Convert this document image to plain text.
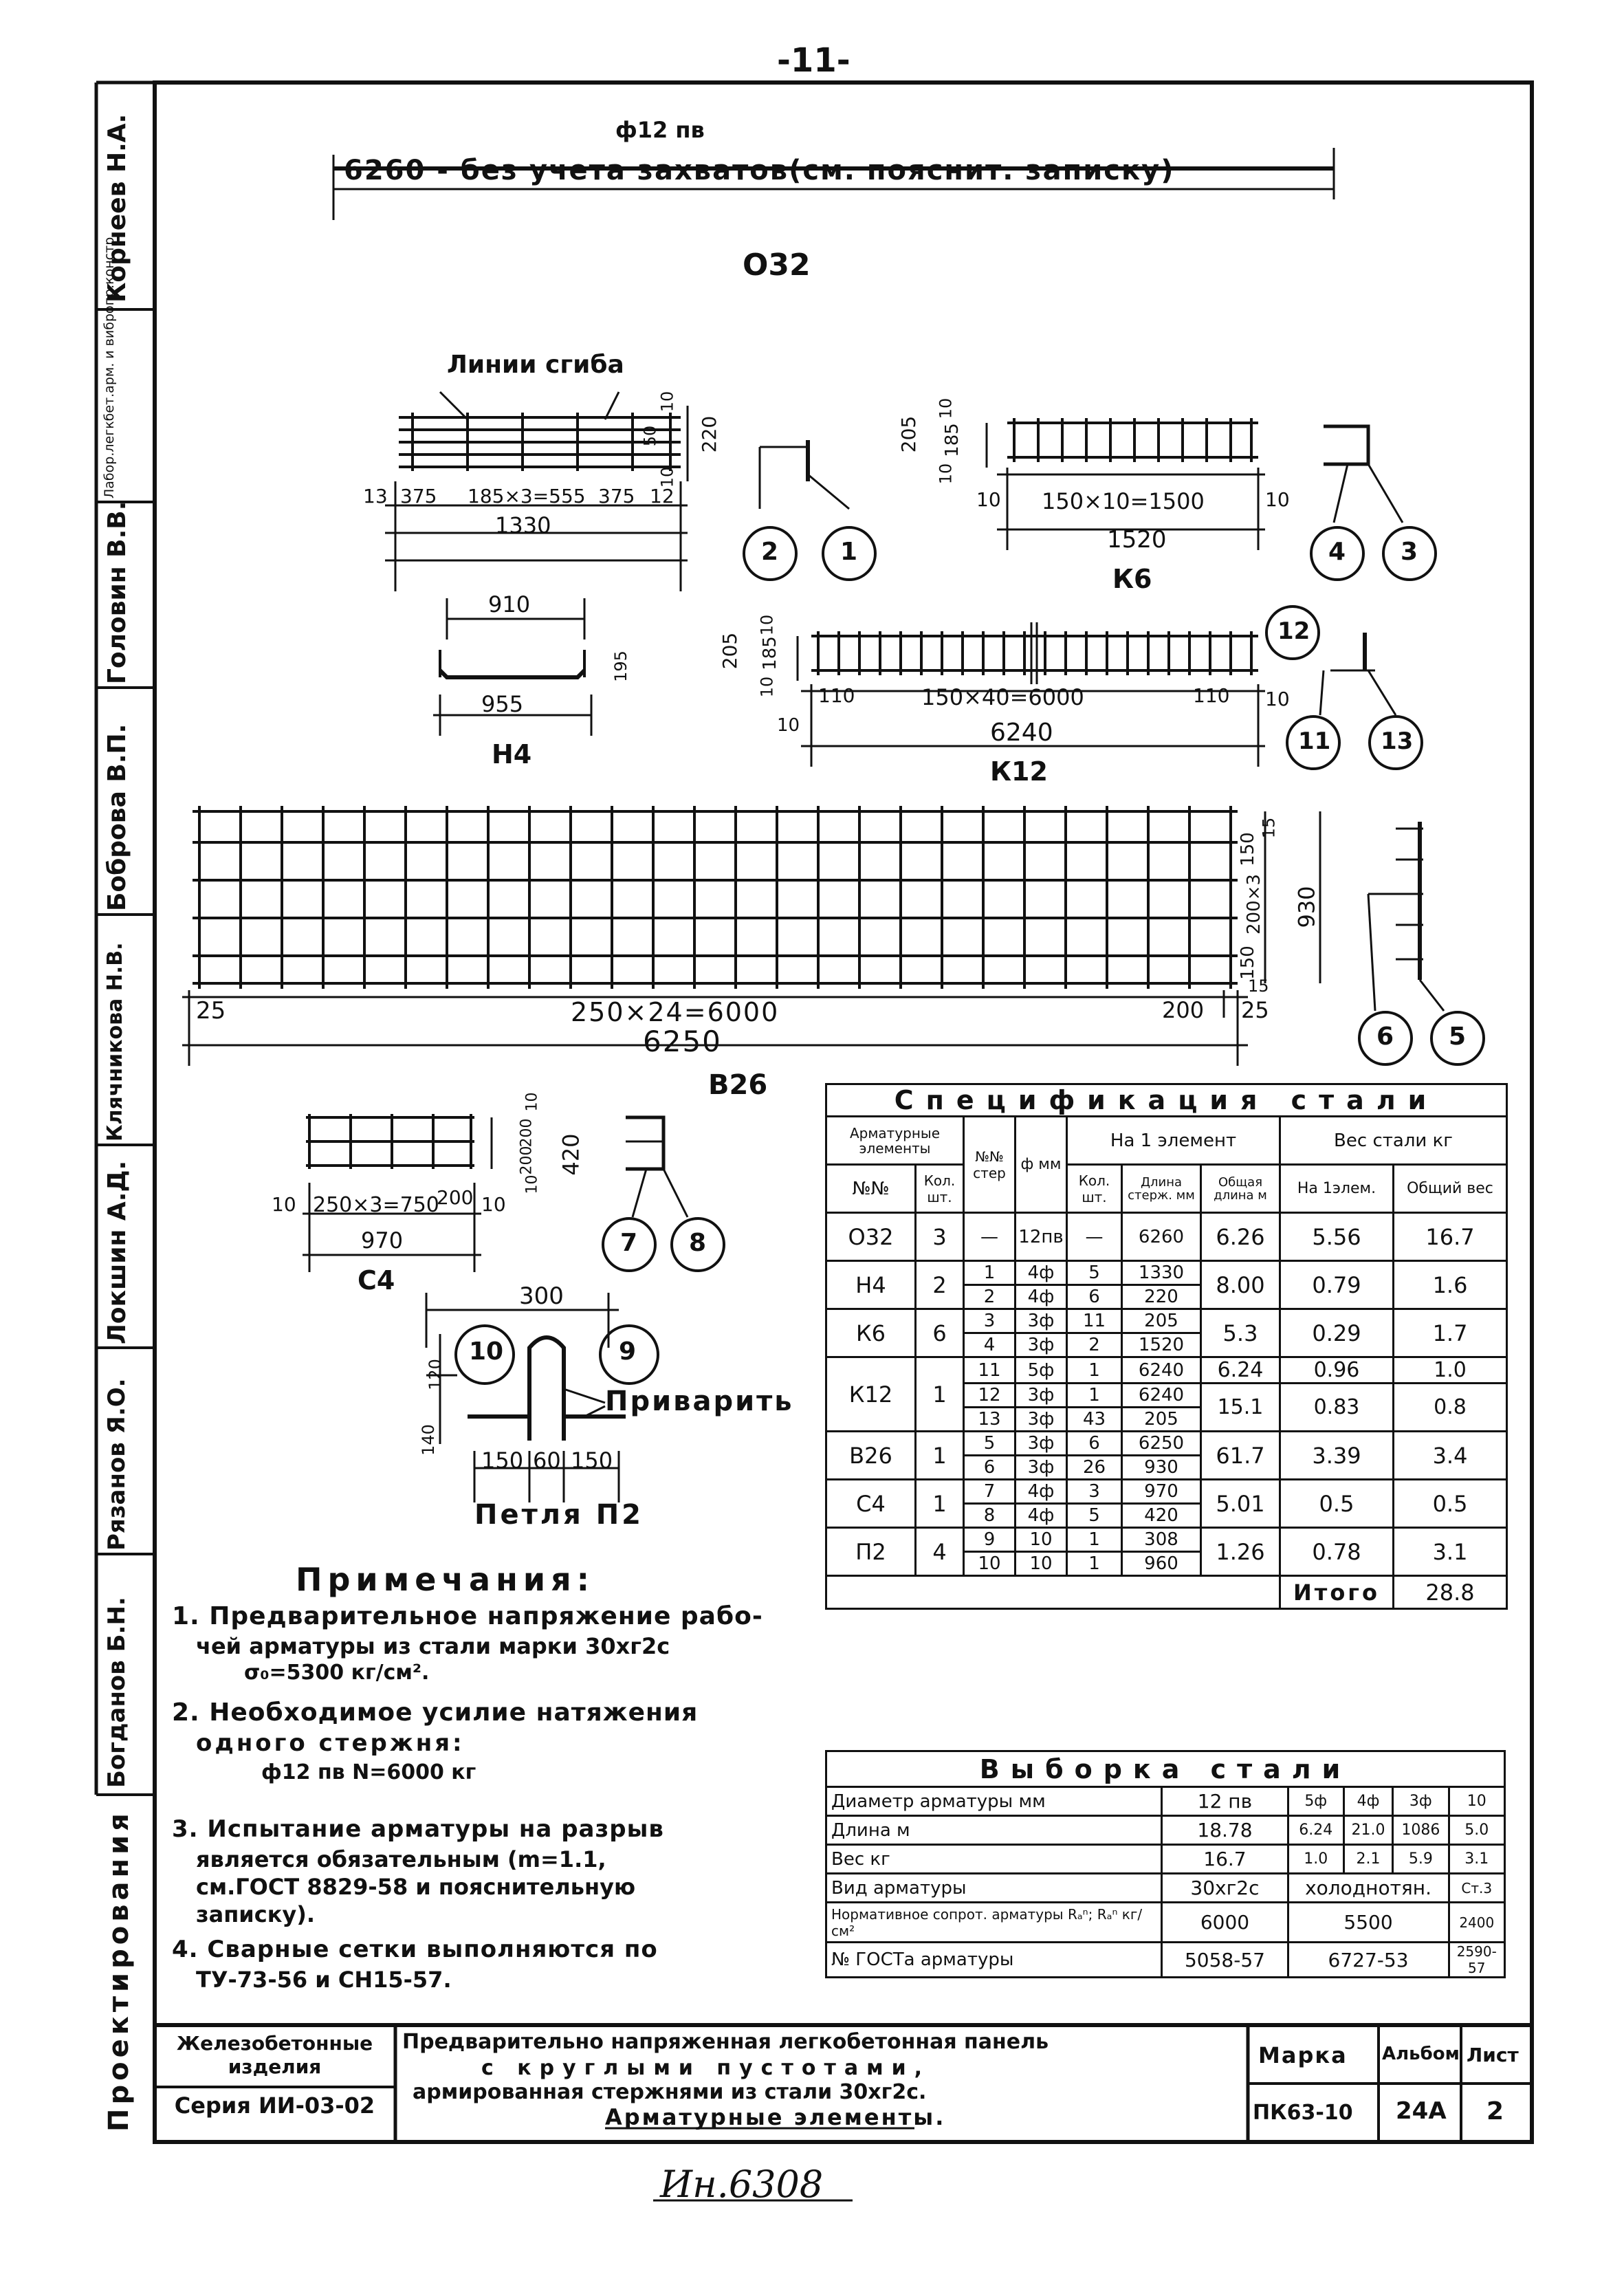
-11-
Корнеев Н.А.
Лабор.легкбет.арм. и вибропр.констр.
Головин В.В.
Боброва В.П.
Клячникова Н.В.
Локшин А.Д.
Рязанов Я.О.
Богданов Б.Н.
Проектирования
ф12 пв
6260 - без учета захватов(см. пояснит. записку)
О32
Линии сгиба
50
10
220
10
13 375 185×3=555 375 12
1330
2 1
910
195
955
Н4
205
10
185
10
10 150×10=1500	10
1520
К6
4 3
205
10
185
10 110	150×40=6000	110
10
10
6240
К12
12
11 13
25	250×24=6000	200 25
6250
В26
15
150
200×3
150
15
930
6 5
10
200
200
10
420
10 250×3=750
200 10
970
С4
7 8
300
120
140
10	9
Приварить
150 60 150
Петля П2
Примечания:
1. Предварительное напряжение рабо-
чей арматуры из стали марки 30хг2с
σ₀=5300 кг/см².
2. Необходимое усилие натяжения
одного стержня:
ф12 пв N=6000 кг
3. Испытание арматуры на разрыв
является обязательным (m=1.1,
см.ГОСТ 8829-58 и пояснительную
записку).
4. Сварные сетки выполняются по
ТУ-73-56 и СН15-57.
Спецификация стали								
Арматурные элементы		№№ стер	ф мм	На 1 элемент			Вес стали кг	
№№	Кол. шт.			Кол. шт.	Длина стерж. мм	Общая длина м	На 1элем.	Общий вес
О32	3	—	12пв	—	6260	6.26	5.56	16.7
Н4	2	1	4ф	5	1330	8.00	0.79	1.6
		2	4ф	6	220			
К6	6	3	3ф	11	205	5.3	0.29	1.7
		4	3ф	2	1520			
К12	1	11	5ф	1	6240	6.24	0.96	1.0
		12	3ф	1	6240	15.1	0.83	0.8
		13	3ф	43	205			
В26	1	5	3ф	6	6250	61.7	3.39	3.4
		6	3ф	26	930			
С4	1	7	4ф	3	970	5.01	0.5	0.5
		8	4ф	5	420			
П2	4	9	10	1	308	1.26	0.78	3.1
		10	10	1	960			
							Итого	28.8
Выборка стали					
Диаметр арматуры мм	12 пв	5ф	4ф	3ф	10
Длина м	18.78	6.24	21.0	1086	5.0
Вес кг	16.7	1.0	2.1	5.9	3.1
Вид арматуры	30хг2с	холоднотян.			Ст.3
Нормативное сопрот. арматуры Rₐⁿ; Rₐⁿ кг/см²	6000	5500			2400
№ ГОСТа арматуры	5058-57	6727-53			2590-57
Железобетонные изделия
Серия ИИ-03-02
Предварительно напряженная легкобетонная панель
с круглыми пустотами,
армированная стержнями из стали 30хг2с.
Арматурные элементы.
Марка
ПК63-10
Альбом
24А
Лист
2
Ин.6308
